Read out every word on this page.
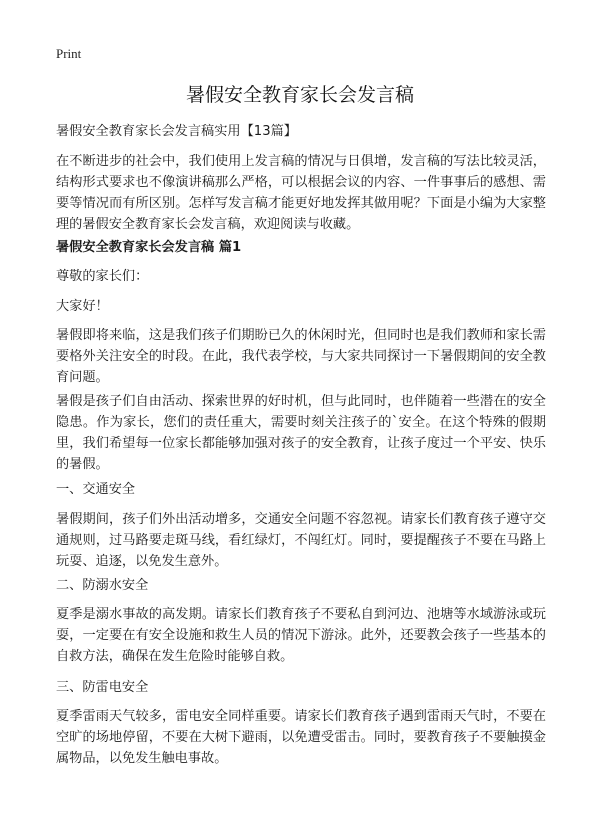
Print
暑假安全教育家长会发言稿

暑假安全教育家长会发言稿实用【13篇】

在不断进步的社会中，我们使用上发言稿的情况与日俱增，发言稿的写法比较灵活，结构形式要求也不像演讲稿那么严格，可以根据会议的内容、一件事事后的感想、需要等情况而有所区别。怎样写发言稿才能更好地发挥其做用呢？下面是小编为大家整理的暑假安全教育家长会发言稿，欢迎阅读与收藏。

暑假安全教育家长会发言稿 篇1

尊敬的家长们：

大家好！

暑假即将来临，这是我们孩子们期盼已久的休闲时光，但同时也是我们教师和家长需要格外关注安全的时段。在此，我代表学校，与大家共同探讨一下暑假期间的安全教育问题。

暑假是孩子们自由活动、探索世界的好时机，但与此同时，也伴随着一些潜在的安全隐患。作为家长，您们的责任重大，需要时刻关注孩子的`安全。在这个特殊的假期里，我们希望每一位家长都能够加强对孩子的安全教育，让孩子度过一个平安、快乐的暑假。

一、交通安全

暑假期间，孩子们外出活动增多，交通安全问题不容忽视。请家长们教育孩子遵守交通规则，过马路要走斑马线，看红绿灯，不闯红灯。同时，要提醒孩子不要在马路上玩耍、追逐，以免发生意外。

二、防溺水安全

夏季是溺水事故的高发期。请家长们教育孩子不要私自到河边、池塘等水域游泳或玩耍，一定要在有安全设施和救生人员的情况下游泳。此外，还要教会孩子一些基本的自救方法，确保在发生危险时能够自救。

三、防雷电安全

夏季雷雨天气较多，雷电安全同样重要。请家长们教育孩子遇到雷雨天气时，不要在空旷的场地停留，不要在大树下避雨，以免遭受雷击。同时，要教育孩子不要触摸金属物品，以免发生触电事故。
